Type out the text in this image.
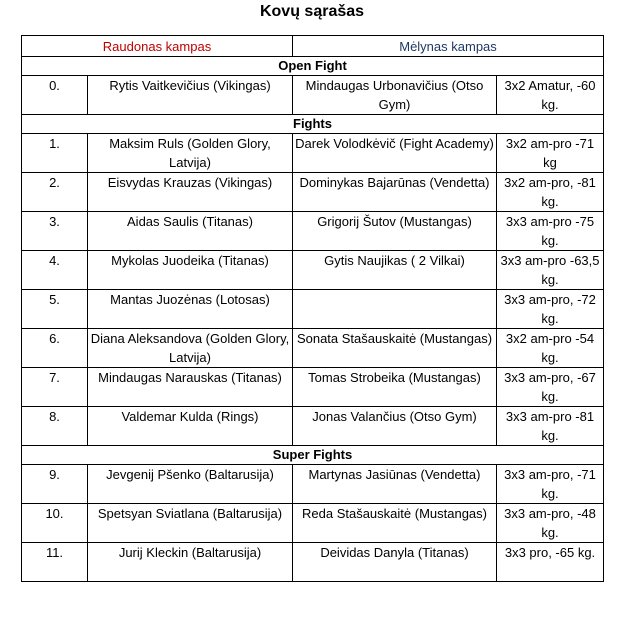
Kovų sąrašas
Raudonas kampas		Mėlynas kampas	
Open Fight			
0.	Rytis Vaitkevičius (Vikingas)	Mindaugas Urbonavičius (Otso Gym)	3x2 Amatur, -60 kg.
Fights			
1.	Maksim Ruls (Golden Glory, Latvija)	Darek Volodkėvič (Fight Academy)	3x2 am-pro -71 kg
2.	Eisvydas Krauzas (Vikingas)	Dominykas Bajarūnas (Vendetta)	3x2 am-pro, -81 kg.
3.	Aidas Saulis (Titanas)	Grigorij Šutov (Mustangas)	3x3 am-pro -75 kg.
4.	Mykolas Juodeika (Titanas)	Gytis Naujikas ( 2 Vilkai)	3x3 am-pro -63,5 kg.
5.	Mantas Juozėnas (Lotosas)		3x3 am-pro, -72 kg.
6.	Diana Aleksandova (Golden Glory, Latvija)	Sonata Stašauskaitė (Mustangas)	3x2 am-pro -54 kg.
7.	Mindaugas Narauskas (Titanas)	Tomas Strobeika (Mustangas)	3x3 am-pro, -67 kg.
8.	Valdemar Kulda (Rings)	Jonas Valančius (Otso Gym)	3x3 am-pro -81 kg.
Super Fights			
9.	Jevgenij Pšenko (Baltarusija)	Martynas Jasiūnas (Vendetta)	3x3 am-pro, -71 kg.
10.	Spetsyan Sviatlana (Baltarusija)	Reda Stašauskaitė (Mustangas)	3x3 am-pro, -48 kg.
11.	Jurij Kleckin (Baltarusija)	Deividas Danyla (Titanas)	3x3 pro, -65 kg.
